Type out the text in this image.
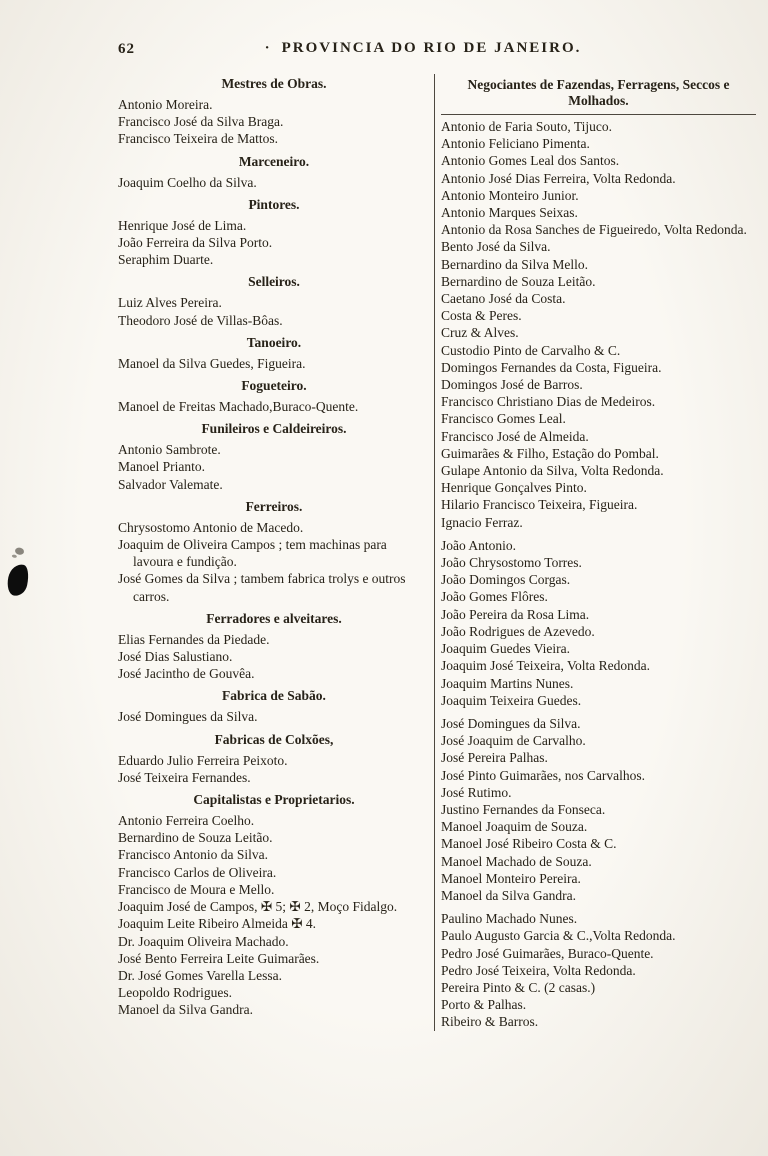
62	· PROVINCIA DO RIO DE JANEIRO.
Mestres de Obras.
Antonio Moreira.
Francisco José da Silva Braga.
Francisco Teixeira de Mattos.
Marceneiro.
Joaquim Coelho da Silva.
Pintores.
Henrique José de Lima.
João Ferreira da Silva Porto.
Seraphim Duarte.
Selleiros.
Luiz Alves Pereira.
Theodoro José de Villas-Bôas.
Tanoeiro.
Manoel da Silva Guedes, Figueira.
Fogueteiro.
Manoel de Freitas Machado,Buraco-Quente.
Funileiros e Caldeireiros.
Antonio Sambrote.
Manoel Prianto.
Salvador Valemate.
Ferreiros.
Chrysostomo Antonio de Macedo.
Joaquim de Oliveira Campos ; tem machinas para lavoura e fundição.
José Gomes da Silva ; tambem fabrica trolys e outros carros.
Ferradores e alveitares.
Elias Fernandes da Piedade.
José Dias Salustiano.
José Jacintho de Gouvêa.
Fabrica de Sabão.
José Domingues da Silva.
Fabricas de Colxões,
Eduardo Julio Ferreira Peixoto.
José Teixeira Fernandes.
Capitalistas e Proprietarios.
Antonio Ferreira Coelho.
Bernardino de Souza Leitão.
Francisco Antonio da Silva.
Francisco Carlos de Oliveira.
Francisco de Moura e Mello.
Joaquim José de Campos, ✠ 5; ✠ 2, Moço Fidalgo.
Joaquim Leite Ribeiro Almeida ✠ 4.
Dr. Joaquim Oliveira Machado.
José Bento Ferreira Leite Guimarães.
Dr. José Gomes Varella Lessa.
Leopoldo Rodrigues.
Manoel da Silva Gandra.
Negociantes de Fazendas, Ferragens, Seccos e Molhados.
Antonio de Faria Souto, Tijuco.
Antonio Feliciano Pimenta.
Antonio Gomes Leal dos Santos.
Antonio José Dias Ferreira, Volta Redonda.
Antonio Monteiro Junior.
Antonio Marques Seixas.
Antonio da Rosa Sanches de Figueiredo, Volta Redonda.
Bento José da Silva.
Bernardino da Silva Mello.
Bernardino de Souza Leitão.
Caetano José da Costa.
Costa & Peres.
Cruz & Alves.
Custodio Pinto de Carvalho & C.
Domingos Fernandes da Costa, Figueira.
Domingos José de Barros.
Francisco Christiano Dias de Medeiros.
Francisco Gomes Leal.
Francisco José de Almeida.
Guimarães & Filho, Estação do Pombal.
Gulape Antonio da Silva, Volta Redonda.
Henrique Gonçalves Pinto.
Hilario Francisco Teixeira, Figueira.
Ignacio Ferraz.
João Antonio.
João Chrysostomo Torres.
João Domingos Corgas.
João Gomes Flôres.
João Pereira da Rosa Lima.
João Rodrigues de Azevedo.
Joaquim Guedes Vieira.
Joaquim José Teixeira, Volta Redonda.
Joaquim Martins Nunes.
Joaquim Teixeira Guedes.
José Domingues da Silva.
José Joaquim de Carvalho.
José Pereira Palhas.
José Pinto Guimarães, nos Carvalhos.
José Rutimo.
Justino Fernandes da Fonseca.
Manoel Joaquim de Souza.
Manoel José Ribeiro Costa & C.
Manoel Machado de Souza.
Manoel Monteiro Pereira.
Manoel da Silva Gandra.
Paulino Machado Nunes.
Paulo Augusto Garcia & C.,Volta Redonda.
Pedro José Guimarães, Buraco-Quente.
Pedro José Teixeira, Volta Redonda.
Pereira Pinto & C. (2 casas.)
Porto & Palhas.
Ribeiro & Barros.
